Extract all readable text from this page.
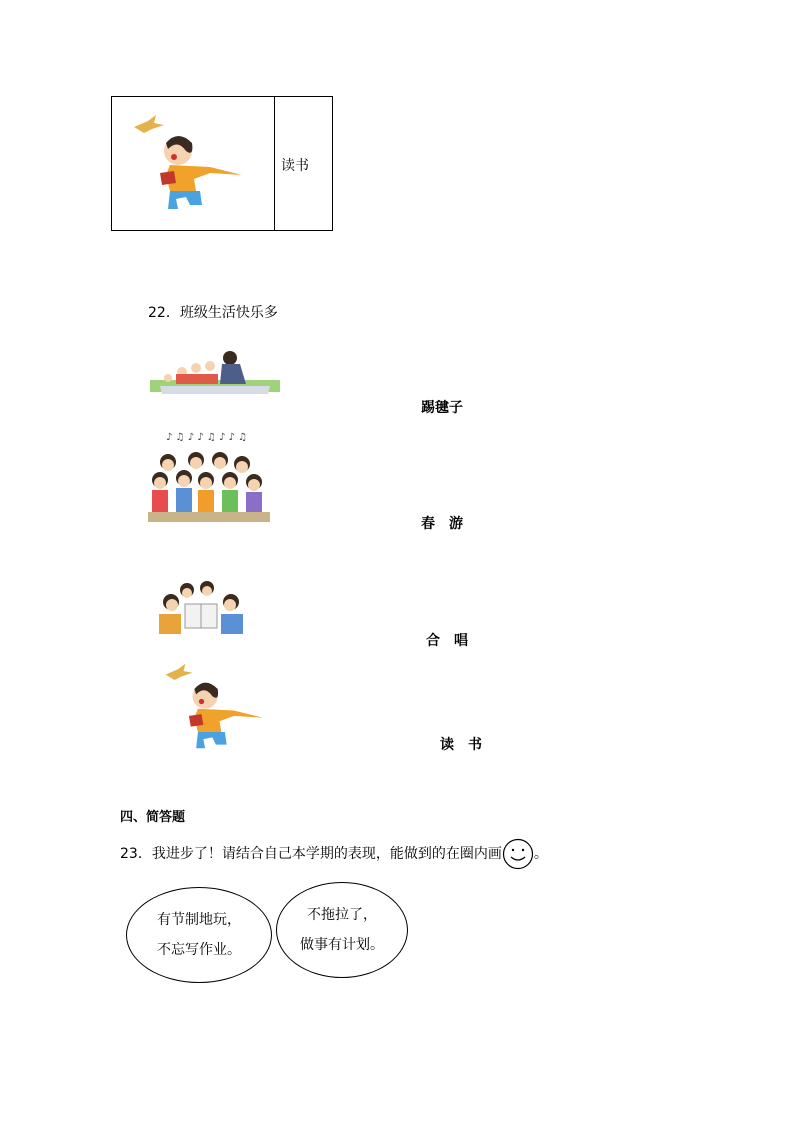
读书
22．班级生活快乐多
踢毽子
♪ ♫ ♪ ♪ ♫ ♪ ♪ ♫
春　游
合　唱
读　书
四、简答题
23．我进步了！请结合自己本学期的表现，能做到的在圈内画 。
有节制地玩，
不忘写作业。
不拖拉了，
做事有计划。
